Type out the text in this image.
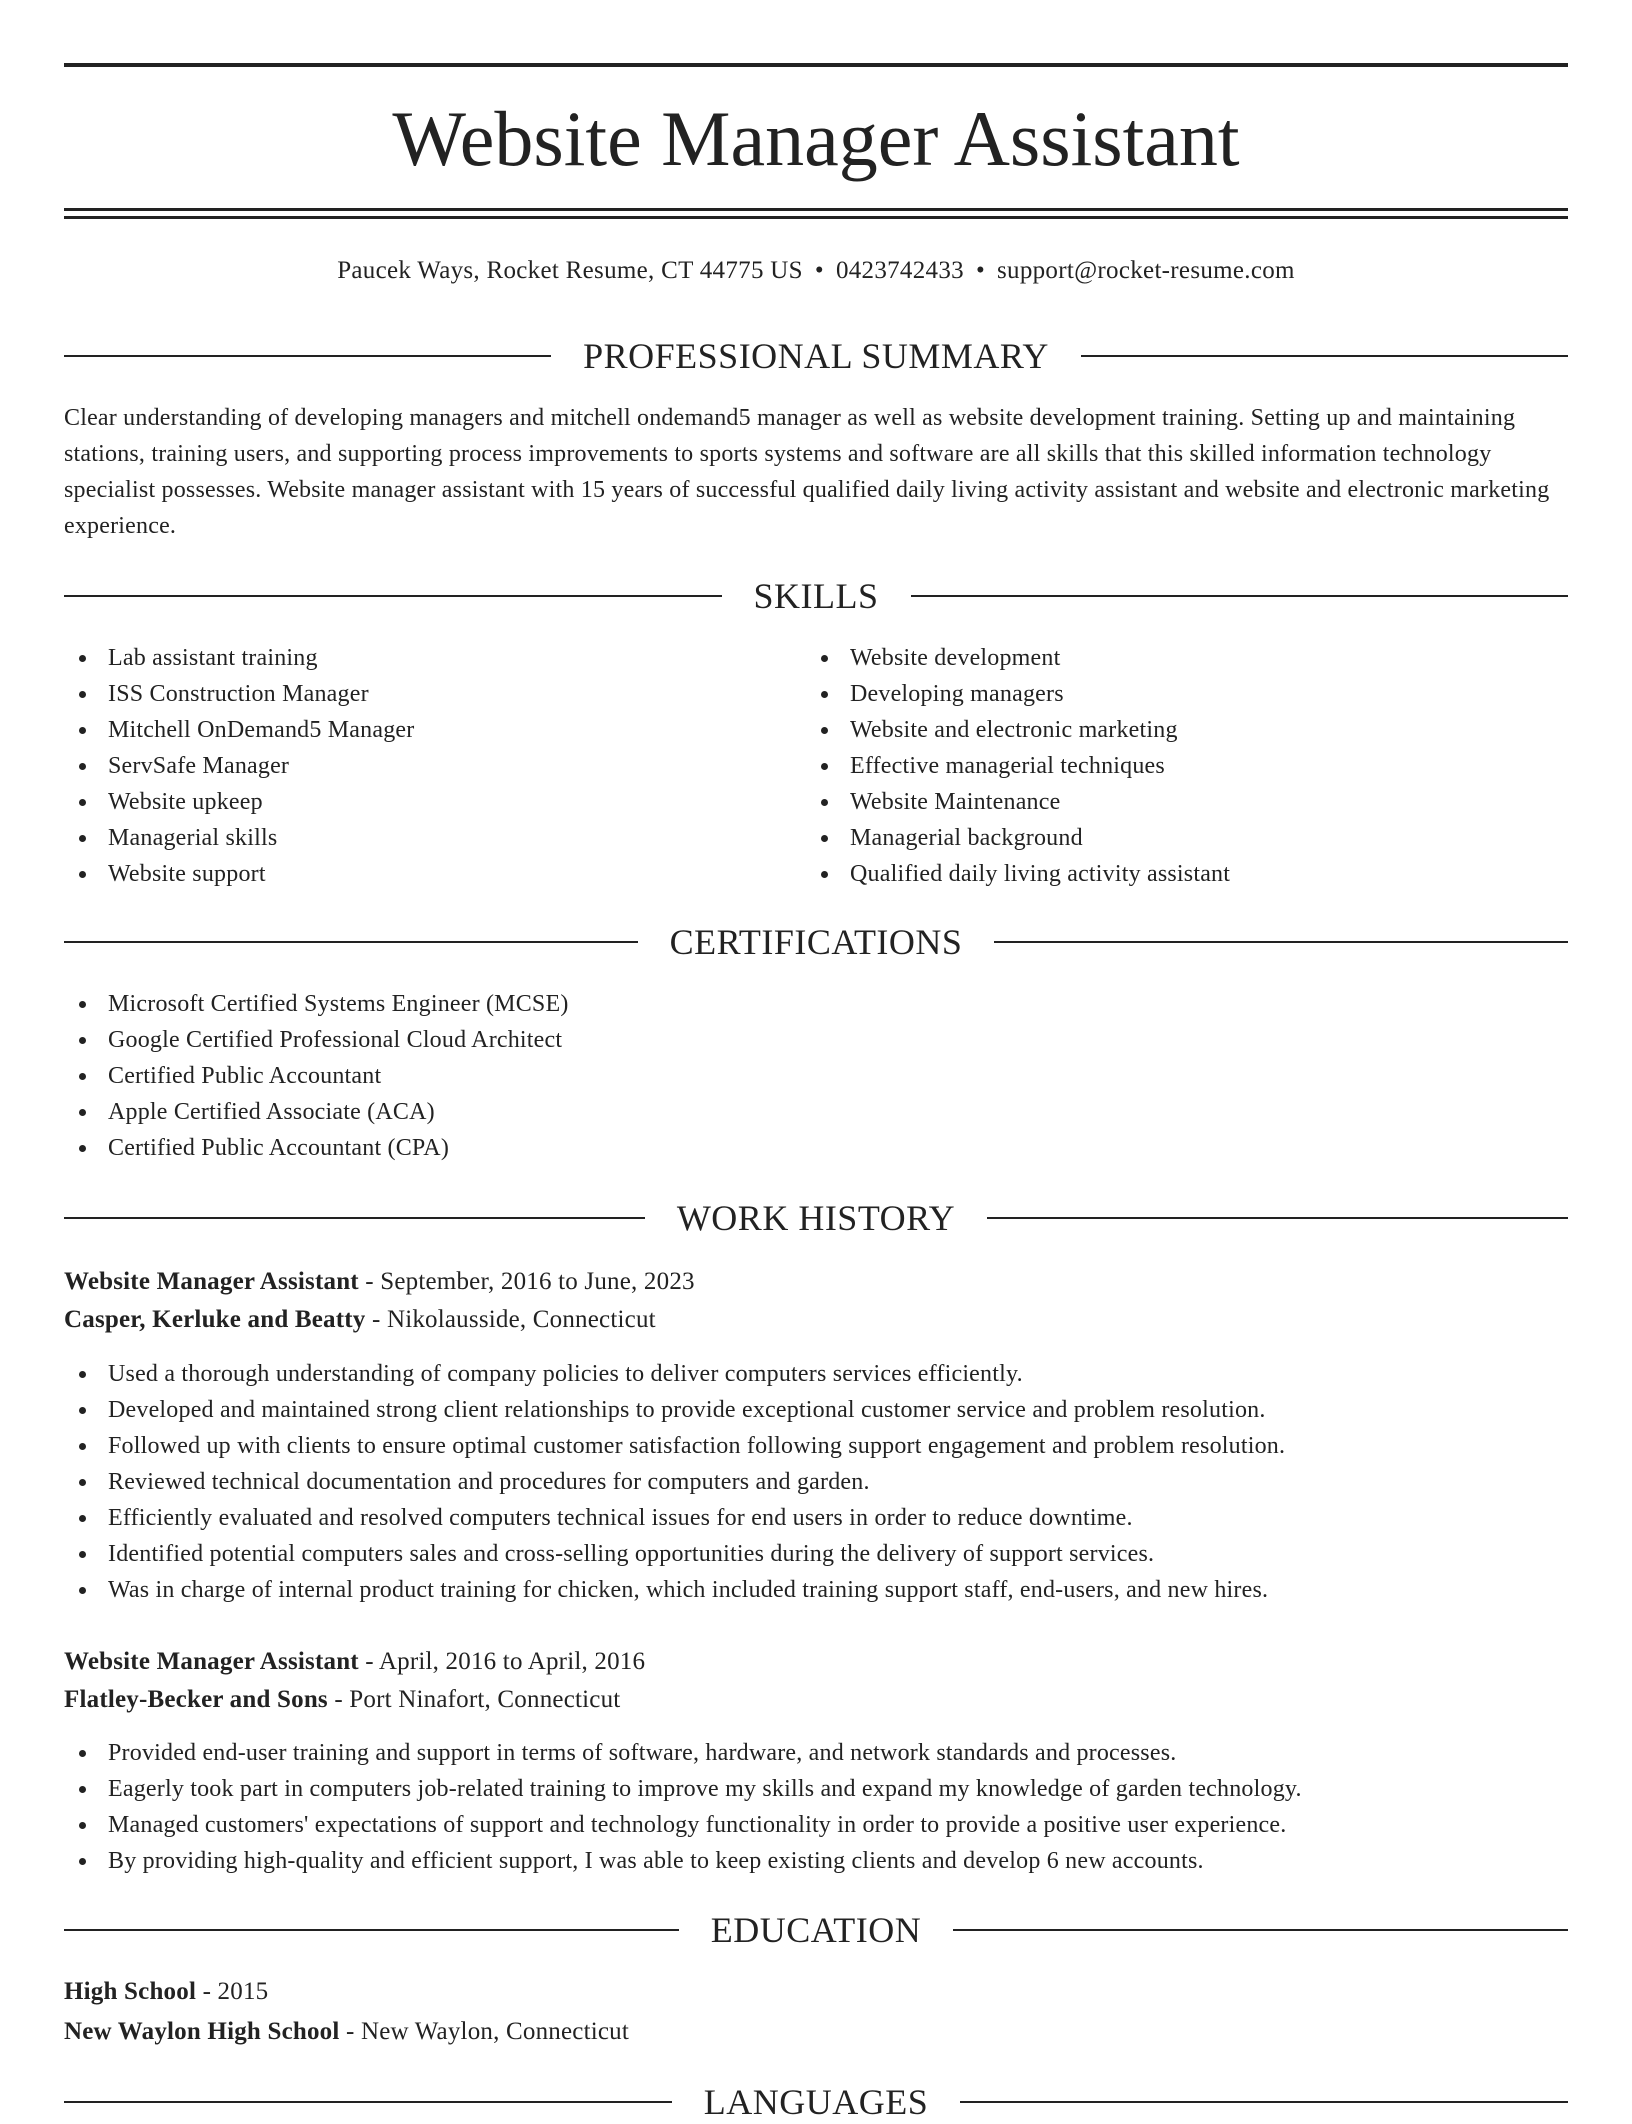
Website Manager Assistant
Paucek Ways, Rocket Resume, CT 44775 US • 0423742433 • support@rocket-resume.com
PROFESSIONAL SUMMARY

Clear understanding of developing managers and mitchell ondemand5 manager as well as website development training. Setting up and maintaining stations, training users, and supporting process improvements to sports systems and software are all skills that this skilled information technology specialist possesses. Website manager assistant with 15 years of successful qualified daily living activity assistant and website and electronic marketing experience.

SKILLS
Lab assistant training
ISS Construction Manager
Mitchell OnDemand5 Manager
ServSafe Manager
Website upkeep
Managerial skills
Website support
Website development
Developing managers
Website and electronic marketing
Effective managerial techniques
Website Maintenance
Managerial background
Qualified daily living activity assistant
CERTIFICATIONS
Microsoft Certified Systems Engineer (MCSE)
Google Certified Professional Cloud Architect
Certified Public Accountant
Apple Certified Associate (ACA)
Certified Public Accountant (CPA)
WORK HISTORY
Website Manager Assistant - September, 2016 to June, 2023
Casper, Kerluke and Beatty - Nikolausside, Connecticut
Used a thorough understanding of company policies to deliver computers services efficiently.
Developed and maintained strong client relationships to provide exceptional customer service and problem resolution.
Followed up with clients to ensure optimal customer satisfaction following support engagement and problem resolution.
Reviewed technical documentation and procedures for computers and garden.
Efficiently evaluated and resolved computers technical issues for end users in order to reduce downtime.
Identified potential computers sales and cross-selling opportunities during the delivery of support services.
Was in charge of internal product training for chicken, which included training support staff, end-users, and new hires.
Website Manager Assistant - April, 2016 to April, 2016
Flatley-Becker and Sons - Port Ninafort, Connecticut
Provided end-user training and support in terms of software, hardware, and network standards and processes.
Eagerly took part in computers job-related training to improve my skills and expand my knowledge of garden technology.
Managed customers' expectations of support and technology functionality in order to provide a positive user experience.
By providing high-quality and efficient support, I was able to keep existing clients and develop 6 new accounts.
EDUCATION
High School - 2015
New Waylon High School - New Waylon, Connecticut
LANGUAGES
